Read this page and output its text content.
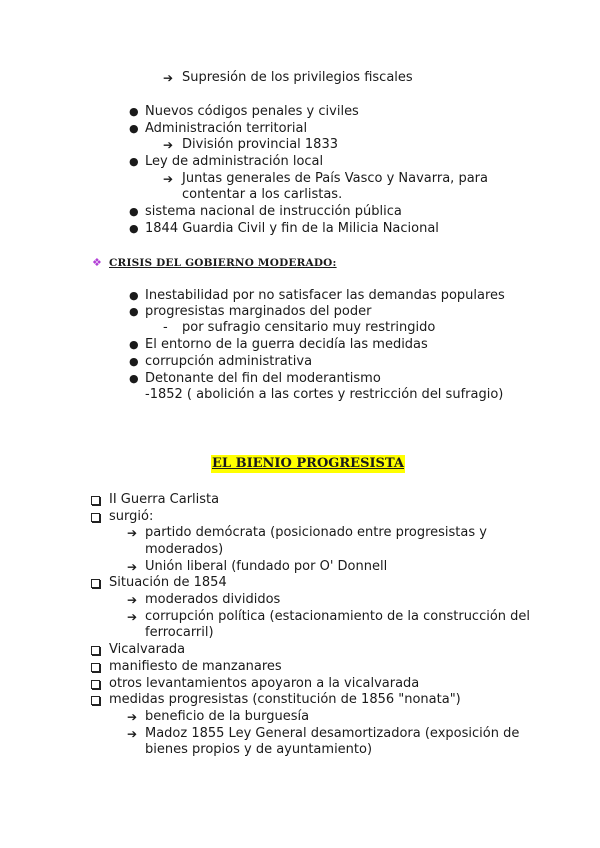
➔ Supresión de los privilegios fiscales
● Nuevos códigos penales y civiles
● Administración territorial
➔ División provincial 1833
● Ley de administración local
➔ Juntas generales de País Vasco y Navarra, para
contentar a los carlistas.
● sistema nacional de instrucción pública
● 1844 Guardia Civil y fin de la Milicia Nacional
❖ CRISIS DEL GOBIERNO MODERADO:
● Inestabilidad por no satisfacer las demandas populares
● progresistas marginados del poder
- por sufragio censitario muy restringido
● El entorno de la guerra decidía las medidas
● corrupción administrativa
● Detonante del fin del moderantismo
-1852 ( abolición a las cortes y restricción del sufragio)
EL BIENIO PROGRESISTA
II Guerra Carlista
surgió:
➔ partido demócrata (posicionado entre progresistas y
moderados)
➔ Unión liberal (fundado por O' Donnell
Situación de 1854
➔ moderados divididos
➔ corrupción política (estacionamiento de la construcción del
ferrocarril)
Vicalvarada
manifiesto de manzanares
otros levantamientos apoyaron a la vicalvarada
medidas progresistas (constitución de 1856 "nonata")
➔ beneficio de la burguesía
➔ Madoz 1855 Ley General desamortizadora (exposición de
bienes propios y de ayuntamiento)
